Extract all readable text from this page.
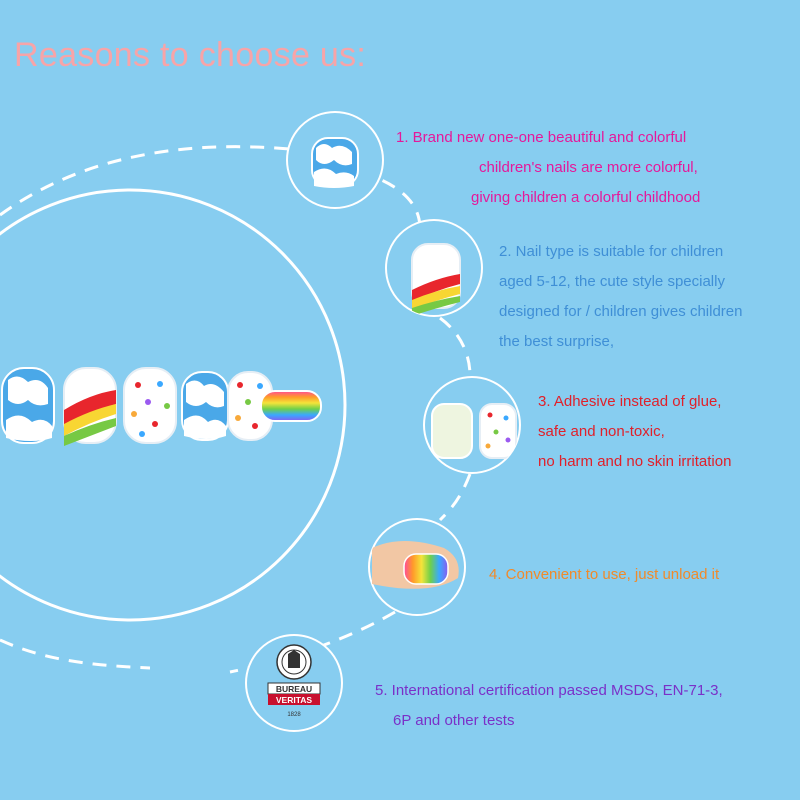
BUREAU
VERITAS
1828
Reasons to choose us:
1. Brand new one-one beautiful and colorful
children's nails are more colorful,
giving children a colorful childhood
2. Nail type is suitable for children
aged 5-12, the cute style specially
designed for / children gives children
the best surprise,
3. Adhesive instead of glue,
safe and non-toxic,
no harm and no skin irritation
4. Convenient to use, just unload it
5. International certification passed MSDS, EN-71-3,
6P and other tests
